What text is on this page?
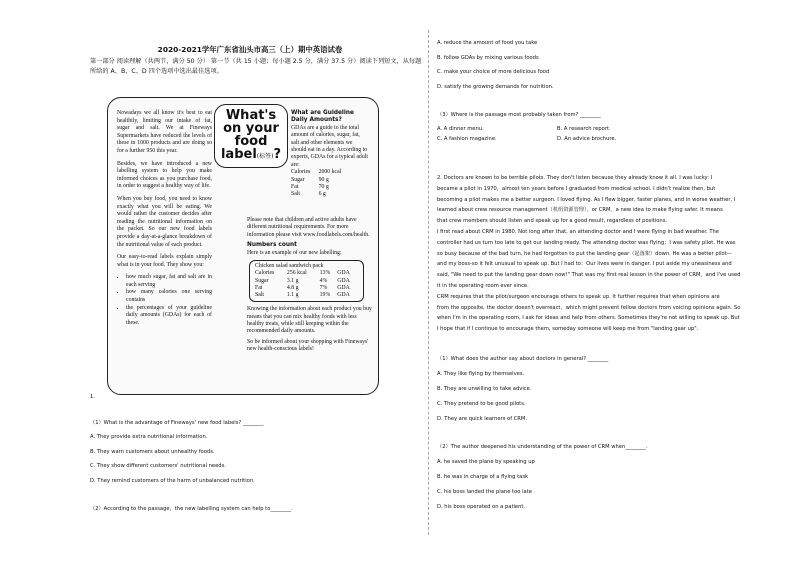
2020-2021学年广东省汕头市高三（上）期中英语试卷
第一部分 阅读理解（共两节，满分 50 分） 第一节（共 15 小题；每小题 2.5 分，满分 37.5 分）阅读下列短文，从每题所给的 A、B、C、D 四个选项中选出最佳选项。

Nowadays we all know it's best to eat healthily, limiting our intake of fat, sugar and salt. We at Fineways Supermarkets have reduced the levels of these in 1000 products and are doing so for a further 950 this year.

Besides, we have introduced a new labelling system to help you make informed choices as you purchase food, in order to suggest a healthy way of life.

When you buy food, you need to know exactly what you will be eating. We would rather the customer decides after reading the nutritional information on the packet. So our new food labels provide a day-at-a-glance breakdown of the nutritional value of each product.

Our easy-to-read labels explain simply what is in your food. They show you:

• how much sugar, fat and salt are in each serving
• how many calories one serving contains
• the percentages of your guideline daily amounts (GDAs) for each of these.
What's
on your
food
label(标签)?
What are Guideline Daily Amounts?
GDAs are a guide to the total amount of calories, sugar, fat, salt and other elements we should eat in a day. According to experts, GDAs for a typical adult are:
Calories	2000 kcal
Sugar	90 g
Fat	70 g
Salt	6 g

Please note that children and active adults have different nutritional requirements. For more information please visit www.foodlabels.com/health.

Numbers count
Here is an example of our new labelling:
Chicken salad sandwich pack
Calories	256 kcal	13%	GDA
Sugar	3.1 g	4%	GDA
Fat	4.8 g	7%	GDA
Salt	1.1 g	19%	GDA

Knowing the information about each product you buy means that you can mix healthy foods with less healthy treats, while still keeping within the recommended daily amounts.

So be informed about your shopping with Fineways' new health-conscious labels!

1.
（1）What is the advantage of Fineways' new food labels? ________
A. They provide extra nutritional information.
B. They warn customers about unhealthy foods.
C. They show different customers' nutritional needs.
D. They remind customers of the harm of unbalanced nutrition.
（2）According to the passage，the new labelling system can help to________.
A. reduce the amount of food you take
B. follow GDAs by mixing various foods
C. make your choice of more delicious food
D. satisfy the growing demands for nutrition.
（3）Where is the passage most probably taken from? ________
A. A dinner menu.	B. A research report.
C. A fashion magazine.	D. An advice brochure.
2. Doctors are known to be terrible pilots. They don't listen because they already know it all. I was lucky: I
became a pilot in 1970，almost ten years before I graduated from medical school. I didn't realize then, but
becoming a pilot makes me a better surgeon. I loved flying. As I flew bigger, faster planes, and in worse weather, I
learned about crew resource management（机组资源管理），or CRM，a new idea to make flying safer. It means
that crew members should listen and speak up for a good result, regardless of positions.
I first read about CRM in 1980. Not long after that, an attending doctor and I were flying in bad weather. The
controller had us turn too late to get our landing ready. The attending doctor was flying；I was safety pilot. He was
so busy because of the bad turn, he had forgotten to put the landing gear（起落架）down. He was a better pilot—
and my boss-so it felt unusual to speak up. But I had to：Our lives were in danger. I put aside my uneasiness and
said, "We need to put the landing gear down now!" That was my first real lesson in the power of CRM，and I've used
it in the operating room ever since.
CRM requires that the pilot/surgeon encourage others to speak up. It further requires that when opinions are
from the opposite, the doctor doesn't overreact，which might prevent fellow doctors from voicing opinions again. So
when I'm in the operating room, I ask for ideas and help from others. Sometimes they're not willing to speak up. But
I hope that if I continue to encourage them, someday someone will keep me from "landing gear up".
（1）What does the author say about doctors in general? ________
A. They like flying by themselves.
B. They are unwilling to take advice.
C. They pretend to be good pilots.
D. They are quick learners of CRM.
（2）The author deepened his understanding of the power of CRM when________.
A. he saved the plane by speaking up
B. he was in charge of a flying task
C. his boss landed the plane too late
D. his boss operated on a patient.
